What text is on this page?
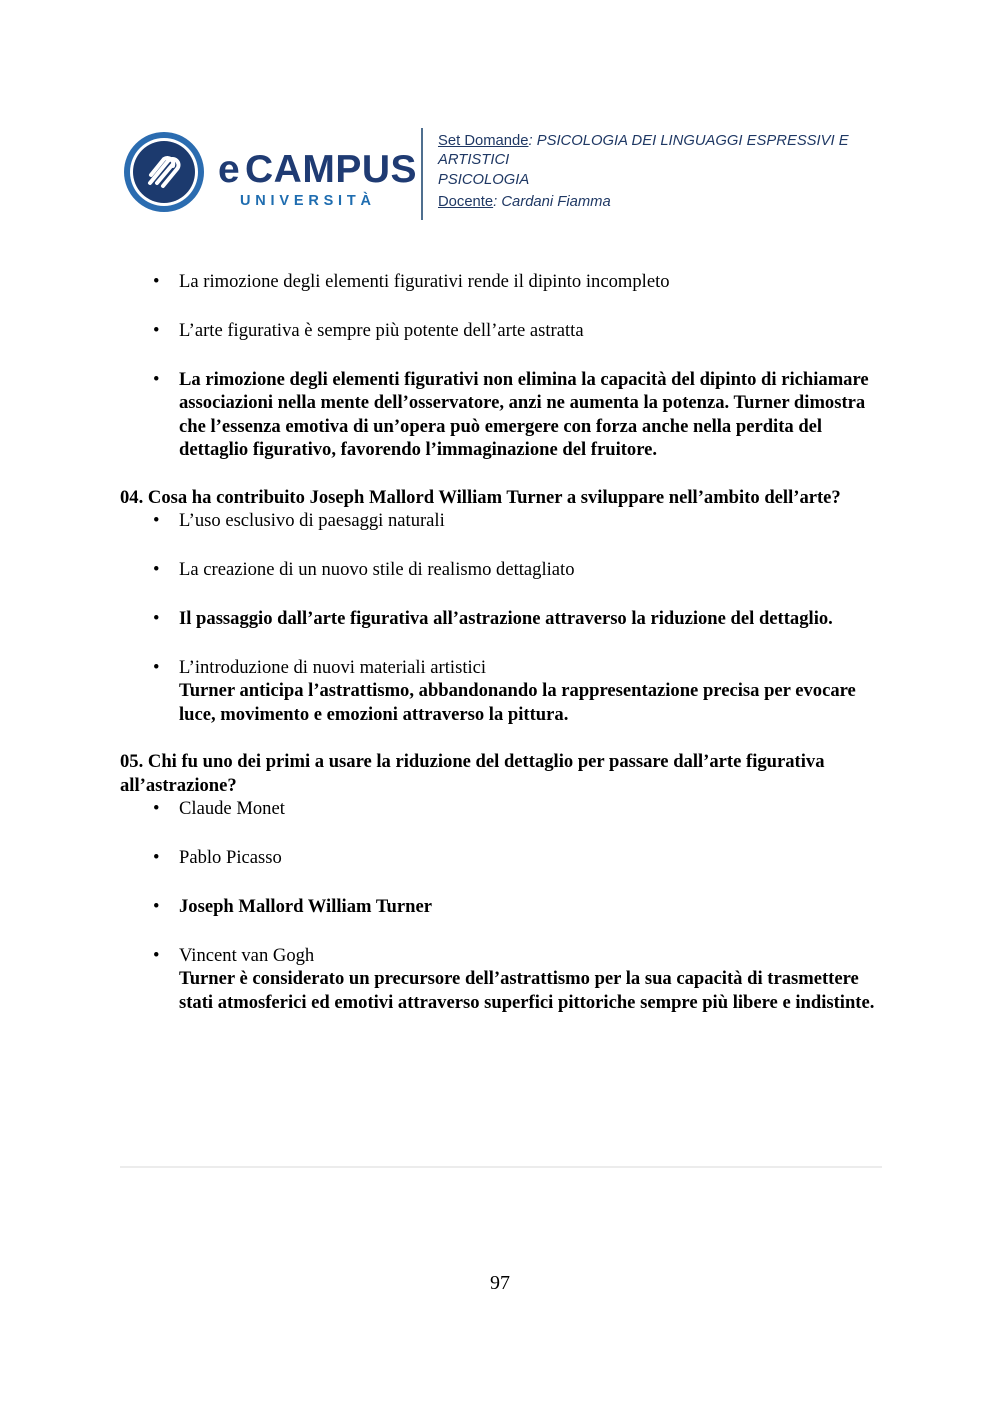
e CAMPUS
UNIVERSITÀ

Set Domande: PSICOLOGIA DEI LINGUAGGI ESPRESSIVI E

ARTISTICI

PSICOLOGIA

Docente: Cardani Fiamma

• La rimozione degli elementi figurativi rende il dipinto incompleto
• L’arte figurativa è sempre più potente dell’arte astratta
• La rimozione degli elementi figurativi non elimina la capacità del dipinto di richiamare associazioni nella mente dell’osservatore, anzi ne aumenta la potenza. Turner dimostra che l’essenza emotiva di un’opera può emergere con forza anche nella perdita del dettaglio figurativo, favorendo l’immaginazione del fruitore.

04. Cosa ha contribuito Joseph Mallord William Turner a sviluppare nell’ambito dell’arte?

• L’uso esclusivo di paesaggi naturali
• La creazione di un nuovo stile di realismo dettagliato
• Il passaggio dall’arte figurativa all’astrazione attraverso la riduzione del dettaglio.
• L’introduzione di nuovi materiali artistici
Turner anticipa l’astrattismo, abbandonando la rappresentazione precisa per evocare luce, movimento e emozioni attraverso la pittura.

05. Chi fu uno dei primi a usare la riduzione del dettaglio per passare dall’arte figurativa all’astrazione?

• Claude Monet
• Pablo Picasso
• Joseph Mallord William Turner
• Vincent van Gogh
Turner è considerato un precursore dell’astrattismo per la sua capacità di trasmettere stati atmosferici ed emotivi attraverso superfici pittoriche sempre più libere e indistinte.
97
